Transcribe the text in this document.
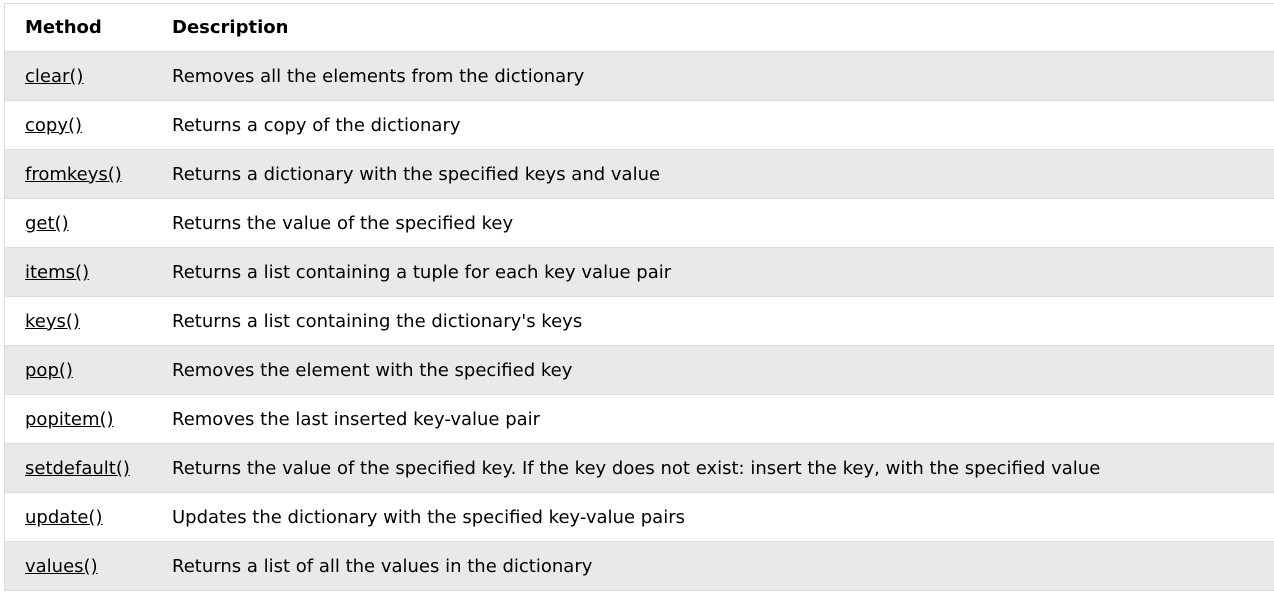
Method	Description
clear()	Removes all the elements from the dictionary
copy()	Returns a copy of the dictionary
fromkeys()	Returns a dictionary with the specified keys and value
get()	Returns the value of the specified key
items()	Returns a list containing a tuple for each key value pair
keys()	Returns a list containing the dictionary's keys
pop()	Removes the element with the specified key
popitem()	Removes the last inserted key-value pair
setdefault()	Returns the value of the specified key. If the key does not exist: insert the key, with the specified value
update()	Updates the dictionary with the specified key-value pairs
values()	Returns a list of all the values in the dictionary
